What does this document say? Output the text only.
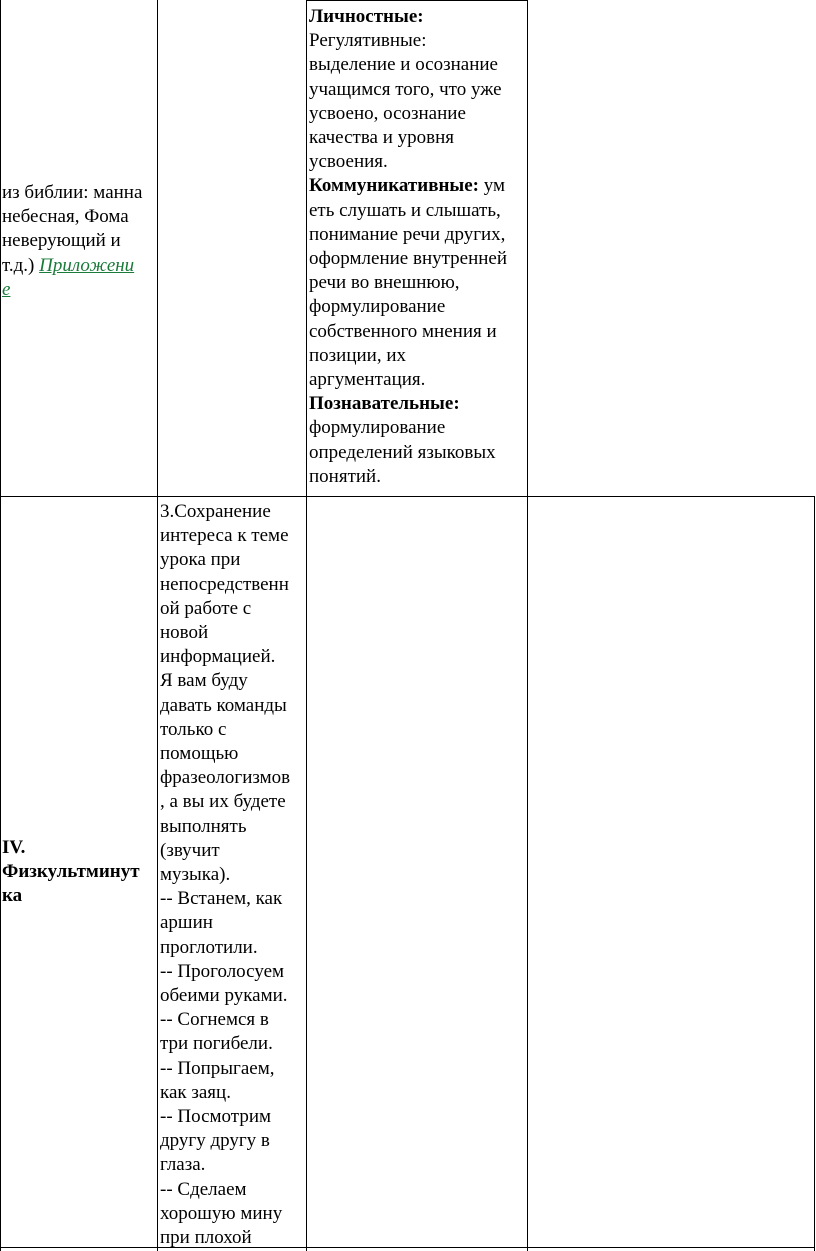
из библии: манна

небесная, Фома

неверующий и

т.д.) Приложени

е

Личностные:

Регулятивные:

выделение и осознание

учащимся того, что уже

усвоено, осознание

качества и уровня

усвоения.

Коммуникативные: ум

еть слушать и слышать,

понимание речи других,

оформление внутренней

речи во внешнюю,

формулирование

собственного мнения и

позиции, их

аргументация.

Познавательные:

формулирование

определений языковых

понятий.

IV.

Физкультминут

ка

3.Сохранение

интереса к теме

урока при

непосредственн

ой работе с

новой

информацией.

Я вам буду

давать команды

только с

помощью

фразеологизмов

, а вы их будете

выполнять

(звучит

музыка).

-- Встанем, как

аршин

проглотили.

-- Проголосуем

обеими руками.

-- Согнемся в

три погибели.

-- Попрыгаем,

как заяц.

-- Посмотрим

другу другу в

глаза.

-- Сделаем

хорошую мину

при плохой
